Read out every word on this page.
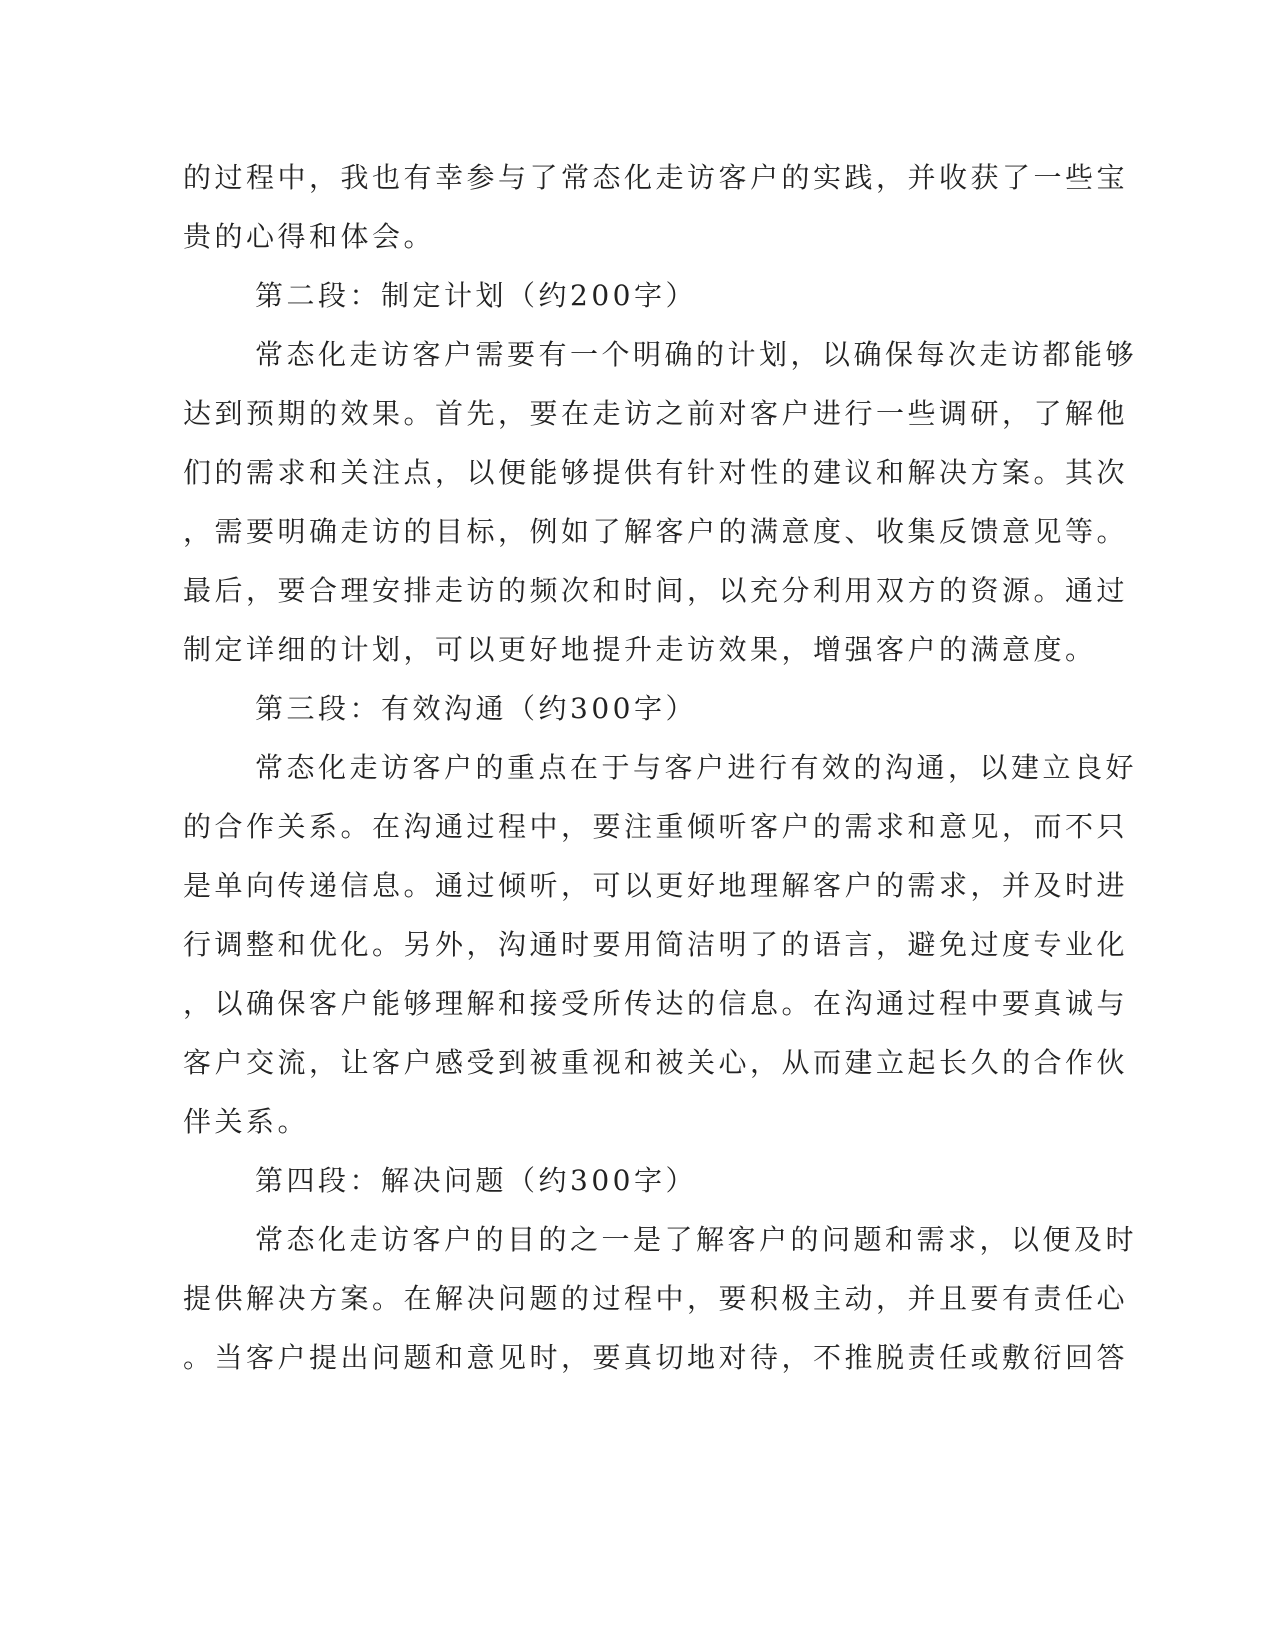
的过程中，我也有幸参与了常态化走访客户的实践，并收获了一些宝
贵的心得和体会。
第二段：制定计划（约200字）
常态化走访客户需要有一个明确的计划，以确保每次走访都能够
达到预期的效果。首先，要在走访之前对客户进行一些调研，了解他
们的需求和关注点，以便能够提供有针对性的建议和解决方案。其次
，需要明确走访的目标，例如了解客户的满意度、收集反馈意见等。
最后，要合理安排走访的频次和时间，以充分利用双方的资源。通过
制定详细的计划，可以更好地提升走访效果，增强客户的满意度。
第三段：有效沟通（约300字）
常态化走访客户的重点在于与客户进行有效的沟通，以建立良好
的合作关系。在沟通过程中，要注重倾听客户的需求和意见，而不只
是单向传递信息。通过倾听，可以更好地理解客户的需求，并及时进
行调整和优化。另外，沟通时要用简洁明了的语言，避免过度专业化
，以确保客户能够理解和接受所传达的信息。在沟通过程中要真诚与
客户交流，让客户感受到被重视和被关心，从而建立起长久的合作伙
伴关系。
第四段：解决问题（约300字）
常态化走访客户的目的之一是了解客户的问题和需求，以便及时
提供解决方案。在解决问题的过程中，要积极主动，并且要有责任心
。当客户提出问题和意见时，要真切地对待，不推脱责任或敷衍回答
